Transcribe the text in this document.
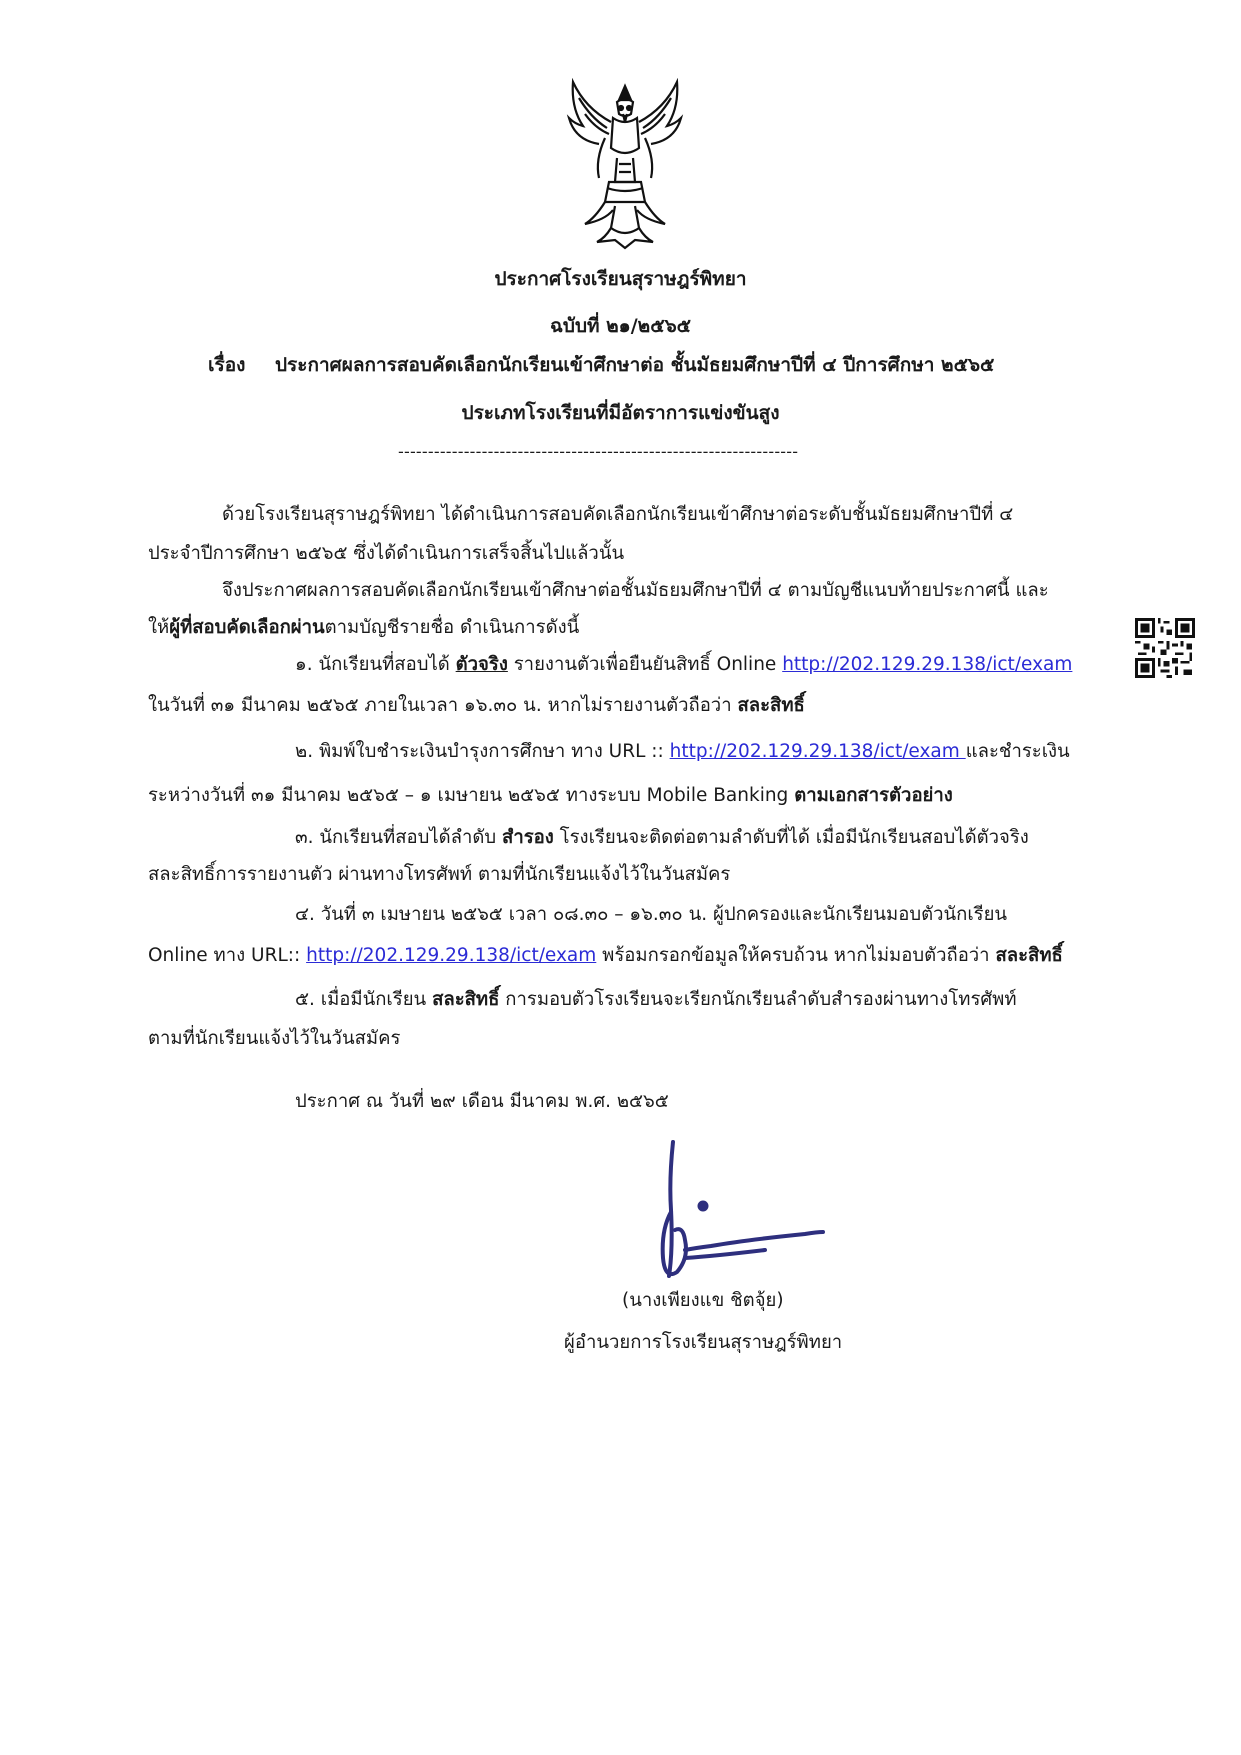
ประกาศโรงเรียนสุราษฎร์พิทยา
ฉบับที่ ๒๑/๒๕๖๕
เรื่อง ประกาศผลการสอบคัดเลือกนักเรียนเข้าศึกษาต่อ ชั้นมัธยมศึกษาปีที่ ๔ ปีการศึกษา ๒๕๖๕
ประเภทโรงเรียนที่มีอัตราการแข่งขันสูง
-------------------------------------------------------------------
ด้วยโรงเรียนสุราษฎร์พิทยา ได้ดำเนินการสอบคัดเลือกนักเรียนเข้าศึกษาต่อระดับชั้นมัธยมศึกษาปีที่ ๔
ประจำปีการศึกษา ๒๕๖๕ ซึ่งได้ดำเนินการเสร็จสิ้นไปแล้วนั้น
จึงประกาศผลการสอบคัดเลือกนักเรียนเข้าศึกษาต่อชั้นมัธยมศึกษาปีที่ ๔ ตามบัญชีแนบท้ายประกาศนี้ และ
ให้ผู้ที่สอบคัดเลือกผ่านตามบัญชีรายชื่อ ดำเนินการดังนี้
๑. นักเรียนที่สอบได้ ตัวจริง รายงานตัวเพื่อยืนยันสิทธิ์ Online http://202.129.29.138/ict/exam
ในวันที่ ๓๑ มีนาคม ๒๕๖๕ ภายในเวลา ๑๖.๓๐ น. หากไม่รายงานตัวถือว่า สละสิทธิ์
๒. พิมพ์ใบชำระเงินบำรุงการศึกษา ทาง URL :: http://202.129.29.138/ict/exam และชำระเงิน
ระหว่างวันที่ ๓๑ มีนาคม ๒๕๖๕ – ๑ เมษายน ๒๕๖๕ ทางระบบ Mobile Banking ตามเอกสารตัวอย่าง
๓. นักเรียนที่สอบได้ลำดับ สำรอง โรงเรียนจะติดต่อตามลำดับที่ได้ เมื่อมีนักเรียนสอบได้ตัวจริง
สละสิทธิ์การรายงานตัว ผ่านทางโทรศัพท์ ตามที่นักเรียนแจ้งไว้ในวันสมัคร
๔. วันที่ ๓ เมษายน ๒๕๖๕ เวลา ๐๘.๓๐ – ๑๖.๓๐ น. ผู้ปกครองและนักเรียนมอบตัวนักเรียน
Online ทาง URL:: http://202.129.29.138/ict/exam พร้อมกรอกข้อมูลให้ครบถ้วน หากไม่มอบตัวถือว่า สละสิทธิ์
๕. เมื่อมีนักเรียน สละสิทธิ์ การมอบตัวโรงเรียนจะเรียกนักเรียนลำดับสำรองผ่านทางโทรศัพท์
ตามที่นักเรียนแจ้งไว้ในวันสมัคร
ประกาศ ณ วันที่ ๒๙ เดือน มีนาคม พ.ศ. ๒๕๖๕
(นางเพียงแข ชิตจุ้ย)
ผู้อำนวยการโรงเรียนสุราษฎร์พิทยา
